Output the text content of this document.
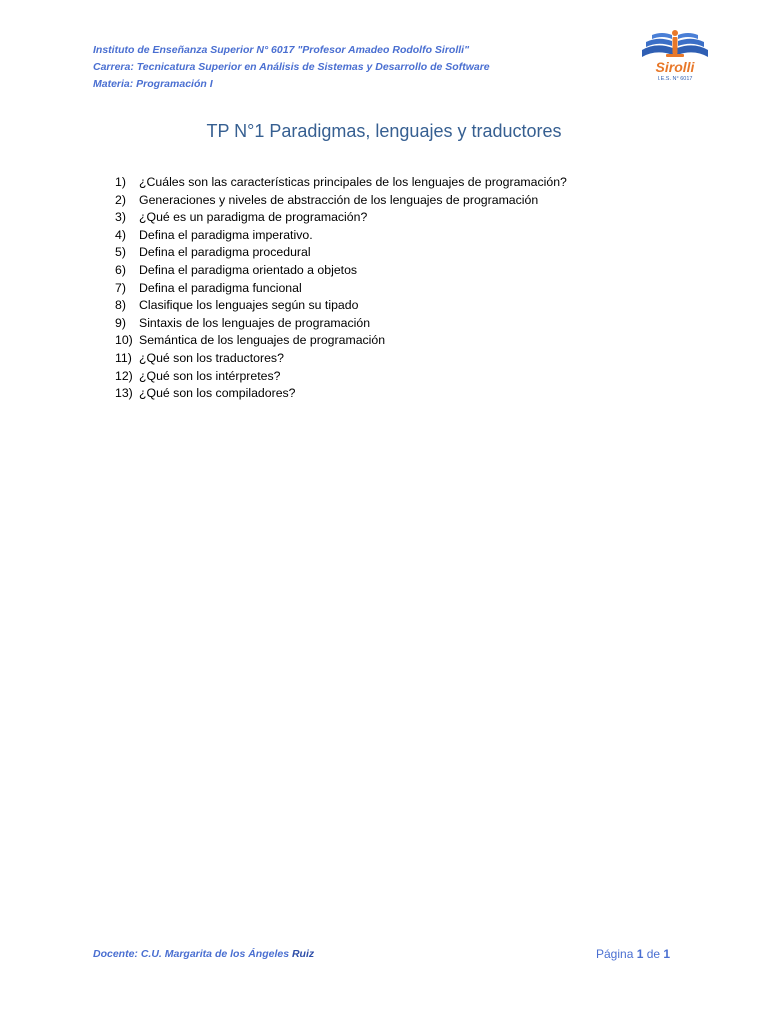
Instituto de Enseñanza Superior N° 6017 "Profesor Amadeo Rodolfo Sirolli"
Carrera: Tecnicatura Superior en Análisis de Sistemas y Desarrollo de Software
Materia: Programación I
Sirolli
I.E.S. N° 6017
TP N°1 Paradigmas, lenguajes y traductores
1)	¿Cuáles son las características principales de los lenguajes de programación?
2)	Generaciones y niveles de abstracción de los lenguajes de programación
3)	¿Qué es un paradigma de programación?
4)	Defina el paradigma imperativo.
5)	Defina el paradigma procedural
6)	Defina el paradigma orientado a objetos
7)	Defina el paradigma funcional
8)	Clasifique los lenguajes según su tipado
9)	Sintaxis de los lenguajes de programación
10) Semántica de los lenguajes de programación
11) ¿Qué son los traductores?
12) ¿Qué son los intérpretes?
13) ¿Qué son los compiladores?
Docente: C.U. Margarita de los Ángeles Ruiz	Página 1 de 1
